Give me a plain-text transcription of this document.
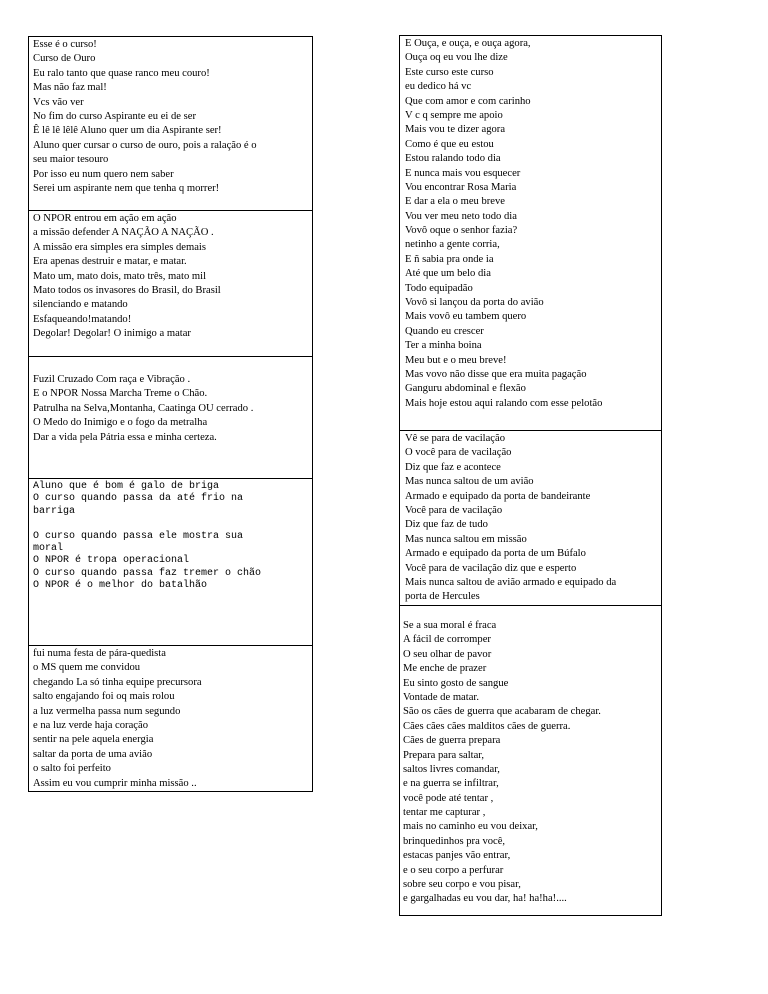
Esse é o curso!
Curso de Ouro
Eu ralo tanto que quase ranco meu couro!
Mas não faz mal!
Vcs vão ver
No fim do curso Aspirante eu ei de ser
Ê lê lê lêlê Aluno quer um dia Aspirante ser!
Aluno quer cursar o curso de ouro, pois a ralação é o
seu maior tesouro
Por isso eu num quero nem saber
Serei um aspirante nem que tenha q morrer!
O NPOR entrou em ação em ação
a missão defender A NAÇÃO A NAÇÃO .
A missão era simples era simples demais
Era apenas destruir e matar, e matar.
Mato um, mato dois, mato três, mato mil
Mato todos os invasores do Brasil, do Brasil
silenciando e matando
Esfaqueando!matando!
Degolar! Degolar! O inimigo a matar
Fuzil Cruzado Com raça e Vibração .
E o NPOR Nossa Marcha Treme o Chão.
Patrulha na Selva,Montanha, Caatinga OU cerrado .
O Medo do Inimigo e o fogo da metralha
Dar a vida pela Pátria essa e minha certeza.
Aluno que é bom é galo de briga
O curso quando passa da até frio na
barriga
O curso quando passa ele mostra sua
moral
O NPOR é tropa operacional
O curso quando passa faz tremer o chão
O NPOR é o melhor do batalhão
fui numa festa de pára-quedista
o MS quem me convidou
chegando La só tinha equipe precursora
salto engajando foi oq mais rolou
a luz vermelha passa num segundo
e na luz verde haja coração
sentir na pele aquela energia
saltar da porta de uma avião
o salto foi perfeito
Assim eu vou cumprir minha missão ..
E Ouça, e ouça, e ouça agora,
Ouça oq eu vou lhe dize
Este curso este curso
eu dedico há vc
Que com amor e com carinho
V c q sempre me apoio
Mais vou te dizer agora
Como é que eu estou
Estou ralando todo dia
E nunca mais vou esquecer
Vou encontrar Rosa Maria
E dar a ela o meu breve
Vou ver meu neto todo dia
Vovô oque o senhor fazia?
netinho a gente corria,
E ñ sabia pra onde ia
Até que um belo dia
Todo equipadão
Vovô si lançou da porta do avião
Mais vovô eu tambem quero
Quando eu crescer
Ter a minha boina
Meu but e o meu breve!
Mas vovo não disse que era muita pagação
Ganguru abdominal e flexão
Mais hoje estou aqui ralando com esse pelotão
Vê se para de vacilação
O você para de vacilação
Diz que faz e acontece
Mas nunca saltou de um avião
Armado e equipado da porta de bandeirante
Você para de vacilação
Diz que faz de tudo
Mas nunca saltou em missão
Armado e equipado da porta de um Búfalo
Você para de vacilação diz que e esperto
Mais nunca saltou de avião armado e equipado da
porta de Hercules
Se a sua moral é fraca
A fácil de corromper
O seu olhar de pavor
Me enche de prazer
Eu sinto gosto de sangue
Vontade de matar.
São os cães de guerra que acabaram de chegar.
Cães cães cães malditos cães de guerra.
Cães de guerra prepara
Prepara para saltar,
saltos livres comandar,
e na guerra se infiltrar,
você pode até tentar ,
tentar me capturar ,
mais no caminho eu vou deixar,
brinquedinhos pra você,
estacas panjes vão entrar,
e o seu corpo a perfurar
sobre seu corpo e vou pisar,
e gargalhadas eu vou dar, ha! ha!ha!....
